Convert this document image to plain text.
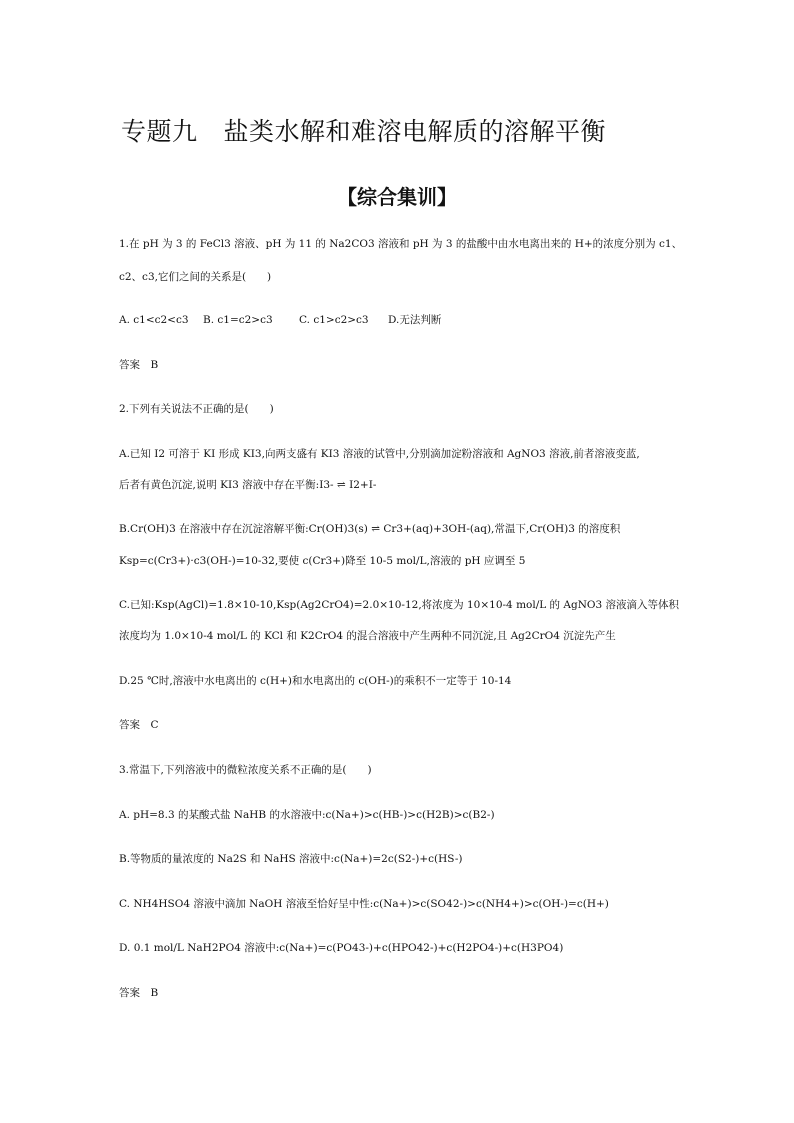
专题九 盐类水解和难溶电解质的溶解平衡
【综合集训】
1.在 pH 为 3 的 FeCl3 溶液、pH 为 11 的 Na2CO3 溶液和 pH 为 3 的盐酸中由水电离出来的 H+的浓度分别为 c1、
c2、c3,它们之间的关系是(　　)
A. c1<c2<c3 B. c1=c2>c3	C. c1>c2>c3 D.无法判断
答案　B
2.下列有关说法不正确的是(　　)
A.已知 I2 可溶于 KI 形成 KI3,向两支盛有 KI3 溶液的试管中,分别滴加淀粉溶液和 AgNO3 溶液,前者溶液变蓝,
后者有黄色沉淀,说明 KI3 溶液中存在平衡:I3- ⇌ I2+I-
B.Cr(OH)3 在溶液中存在沉淀溶解平衡:Cr(OH)3(s) ⇌ Cr3+(aq)+3OH-(aq),常温下,Cr(OH)3 的溶度积
Ksp=c(Cr3+)·c3(OH-)=10-32,要使 c(Cr3+)降至 10-5 mol/L,溶液的 pH 应调至 5
C.已知:Ksp(AgCl)=1.8×10-10,Ksp(Ag2CrO4)=2.0×10-12,将浓度为 10×10-4 mol/L 的 AgNO3 溶液滴入等体积
浓度均为 1.0×10-4 mol/L 的 KCl 和 K2CrO4 的混合溶液中产生两种不同沉淀,且 Ag2CrO4 沉淀先产生
D.25 ℃时,溶液中水电离出的 c(H+)和水电离出的 c(OH-)的乘积不一定等于 10-14
答案　C
3.常温下,下列溶液中的微粒浓度关系不正确的是(　　)
A. pH=8.3 的某酸式盐 NaHB 的水溶液中:c(Na+)>c(HB-)>c(H2B)>c(B2-)
B.等物质的量浓度的 Na2S 和 NaHS 溶液中:c(Na+)=2c(S2-)+c(HS-)
C. NH4HSO4 溶液中滴加 NaOH 溶液至恰好呈中性:c(Na+)>c(SO42-)>c(NH4+)>c(OH-)=c(H+)
D. 0.1 mol/L NaH2PO4 溶液中:c(Na+)=c(PO43-)+c(HPO42-)+c(H2PO4-)+c(H3PO4)
答案　B
